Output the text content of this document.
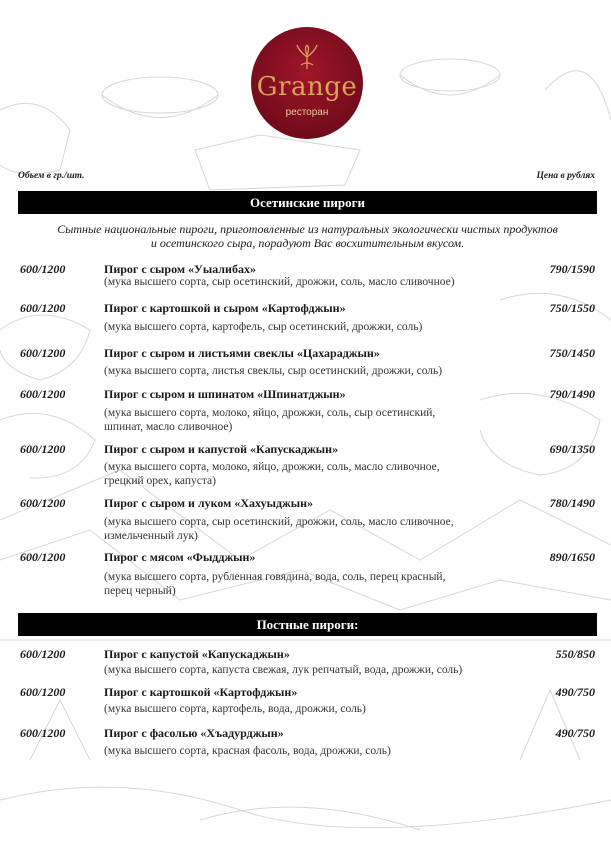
Grange
ресторан
Обьем в гр./шт.	Цена в рублях
Осетинские пироги
Сытные национальные пироги, приготовленные из натуральных экологически чистых продуктов
и осетинского сыра, порадуют Вас восхитительным вкусом.
600/1200	Пирог с сыром «Уыалибах»	790/1590
(мука высшего сорта, сыр осетинский, дрожжи, соль, масло сливочное)
600/1200	Пирог с картошкой и сыром «Картофджын»	750/1550
(мука высшего сорта, картофель, сыр осетинский, дрожжи, соль)
600/1200	Пирог с сыром и листьями свеклы «Цахараджын»	750/1450
(мука высшего сорта, листья свеклы, сыр осетинский, дрожжи, соль)
600/1200	Пирог с сыром и шпинатом «Шпинатджын»	790/1490
(мука высшего сорта, молоко, яйцо, дрожжи, соль, сыр осетинский,
шпинат, масло сливочное)
600/1200	Пирог с сыром и капустой «Капускаджын»	690/1350
(мука высшего сорта, молоко, яйцо, дрожжи, соль, масло сливочное,
грецкий орех, капуста)
600/1200	Пирог с сыром и луком «Хахуыджын»	780/1490
(мука высшего сорта, сыр осетинский, дрожжи, соль, масло сливочное,
измельченный лук)
600/1200	Пирог с мясом «Фыдджын»	890/1650
(мука высшего сорта, рубленная говядина, вода, соль, перец красный,
перец черный)
Постные пироги:
600/1200	Пирог с капустой «Капускаджын»	550/850
(мука высшего сорта, капуста свежая, лук репчатый, вода, дрожжи, соль)
600/1200	Пирог с картошкой «Картофджын»	490/750
(мука высшего сорта, картофель, вода, дрожжи, соль)
600/1200	Пирог с фасолью «Хъадурджын»	490/750
(мука высшего сорта, красная фасоль, вода, дрожжи, соль)
